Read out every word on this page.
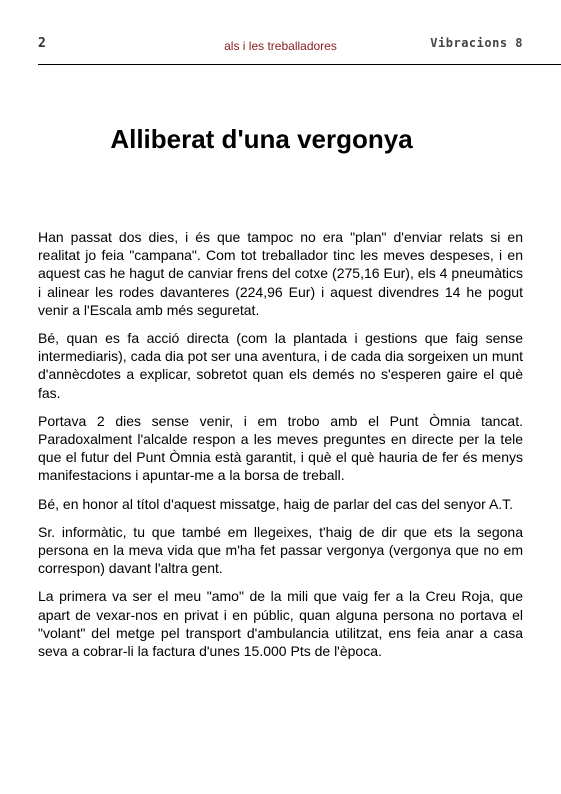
2	als i les treballadores	Vibracions 8
Alliberat d'una vergonya

Han passat dos dies, i és que tampoc no era "plan" d'enviar relats si en realitat jo feia "campana". Com tot treballador tinc les meves despeses, i en aquest cas he hagut de canviar frens del cotxe (275,16 Eur), els 4 pneumàtics i alinear les rodes davanteres (224,96 Eur) i aquest divendres 14 he pogut venir a l'Escala amb més seguretat.

Bé, quan es fa acció directa (com la plantada i gestions que faig sense intermediaris), cada dia pot ser una aventura, i de cada dia sorgeixen un munt d'annècdotes a explicar, sobretot quan els demés no s'esperen gaire el què fas.

Portava 2 dies sense venir, i em trobo amb el Punt Òmnia tancat. Paradoxalment l'alcalde respon a les meves preguntes en directe per la tele que el futur del Punt Òmnia està garantit, i què el què hauria de fer és menys manifestacions i apuntar-me a la borsa de treball.

Bé, en honor al títol d'aquest missatge, haig de parlar del cas del senyor A.T.

Sr. informàtic, tu que també em llegeixes, t'haig de dir que ets la segona persona en la meva vida que m'ha fet passar vergonya (vergonya que no em correspon) davant l'altra gent.

La primera va ser el meu "amo" de la mili que vaig fer a la Creu Roja, que apart de vexar-nos en privat i en públic, quan alguna persona no portava el "volant" del metge pel transport d'ambulancia utilitzat, ens feia anar a casa seva a cobrar-li la factura d'unes 15.000 Pts de l'època.
